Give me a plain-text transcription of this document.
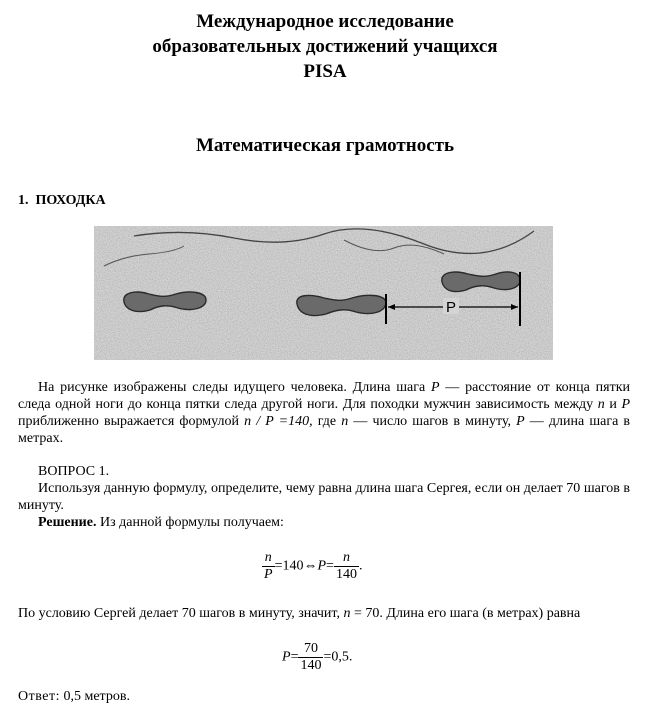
Международное исследование
образовательных достижений учащихся
PISA
Математическая грамотность
1. ПОХОДКА
P

На рисунке изображены следы идущего человека. Длина шага P — расстояние от конца пятки следа одной ноги до конца пятки следа другой ноги. Для походки мужчин зависимость между n и P приближенно выражается формулой n / P =140, где n — число шагов в минуту, P — длина шага в метрах.

ВОПРОС 1.

Используя данную формулу, определите, чему равна длина шага Сергея, если он делает 70 шагов в минуту.

Решение. Из данной формулы получаем:

$\frac{n}{P}$ =140⇔P= $\frac{n}{140}$ .

По условию Сергей делает 70 шагов в минуту, значит, n = 70. Длина его шага (в метрах) равна

$P= \frac{70}{140} =0,5$.
Ответ: 0,5 метров.
